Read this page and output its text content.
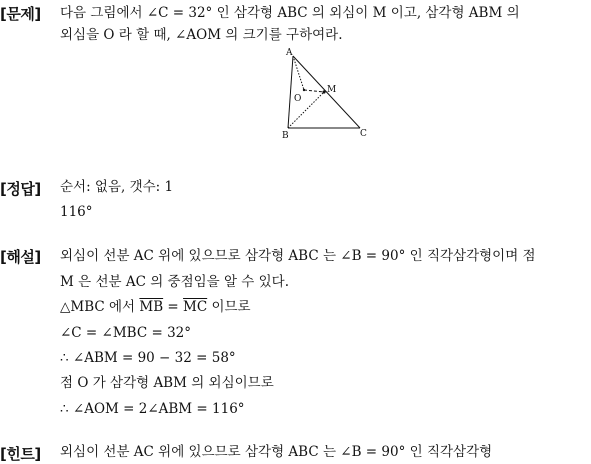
[문제] 다음 그림에서 ∠C = 32° 인 삼각형 ABC 의 외심이 M 이고, 삼각형 ABM 의
외심을 O 라 할 때, ∠AOM 의 크기를 구하여라.
A
B	C
M
O
[정답] 순서: 없음, 갯수: 1
116°
[해설] 외심이 선분 AC 위에 있으므로 삼각형 ABC 는 ∠B = 90° 인 직각삼각형이며 점
M 은 선분 AC 의 중점임을 알 수 있다.
△MBC 에서 $\overline{MB} = \overline{MC}$ 이므로
∠C = ∠MBC = 32°
∴ ∠ABM = 90 − 32 = 58°
점 O 가 삼각형 ABM 의 외심이므로
∴ ∠AOM = 2∠ABM = 116°
[힌트] 외심이 선분 AC 위에 있으므로 삼각형 ABC 는 ∠B = 90° 인 직각삼각형
